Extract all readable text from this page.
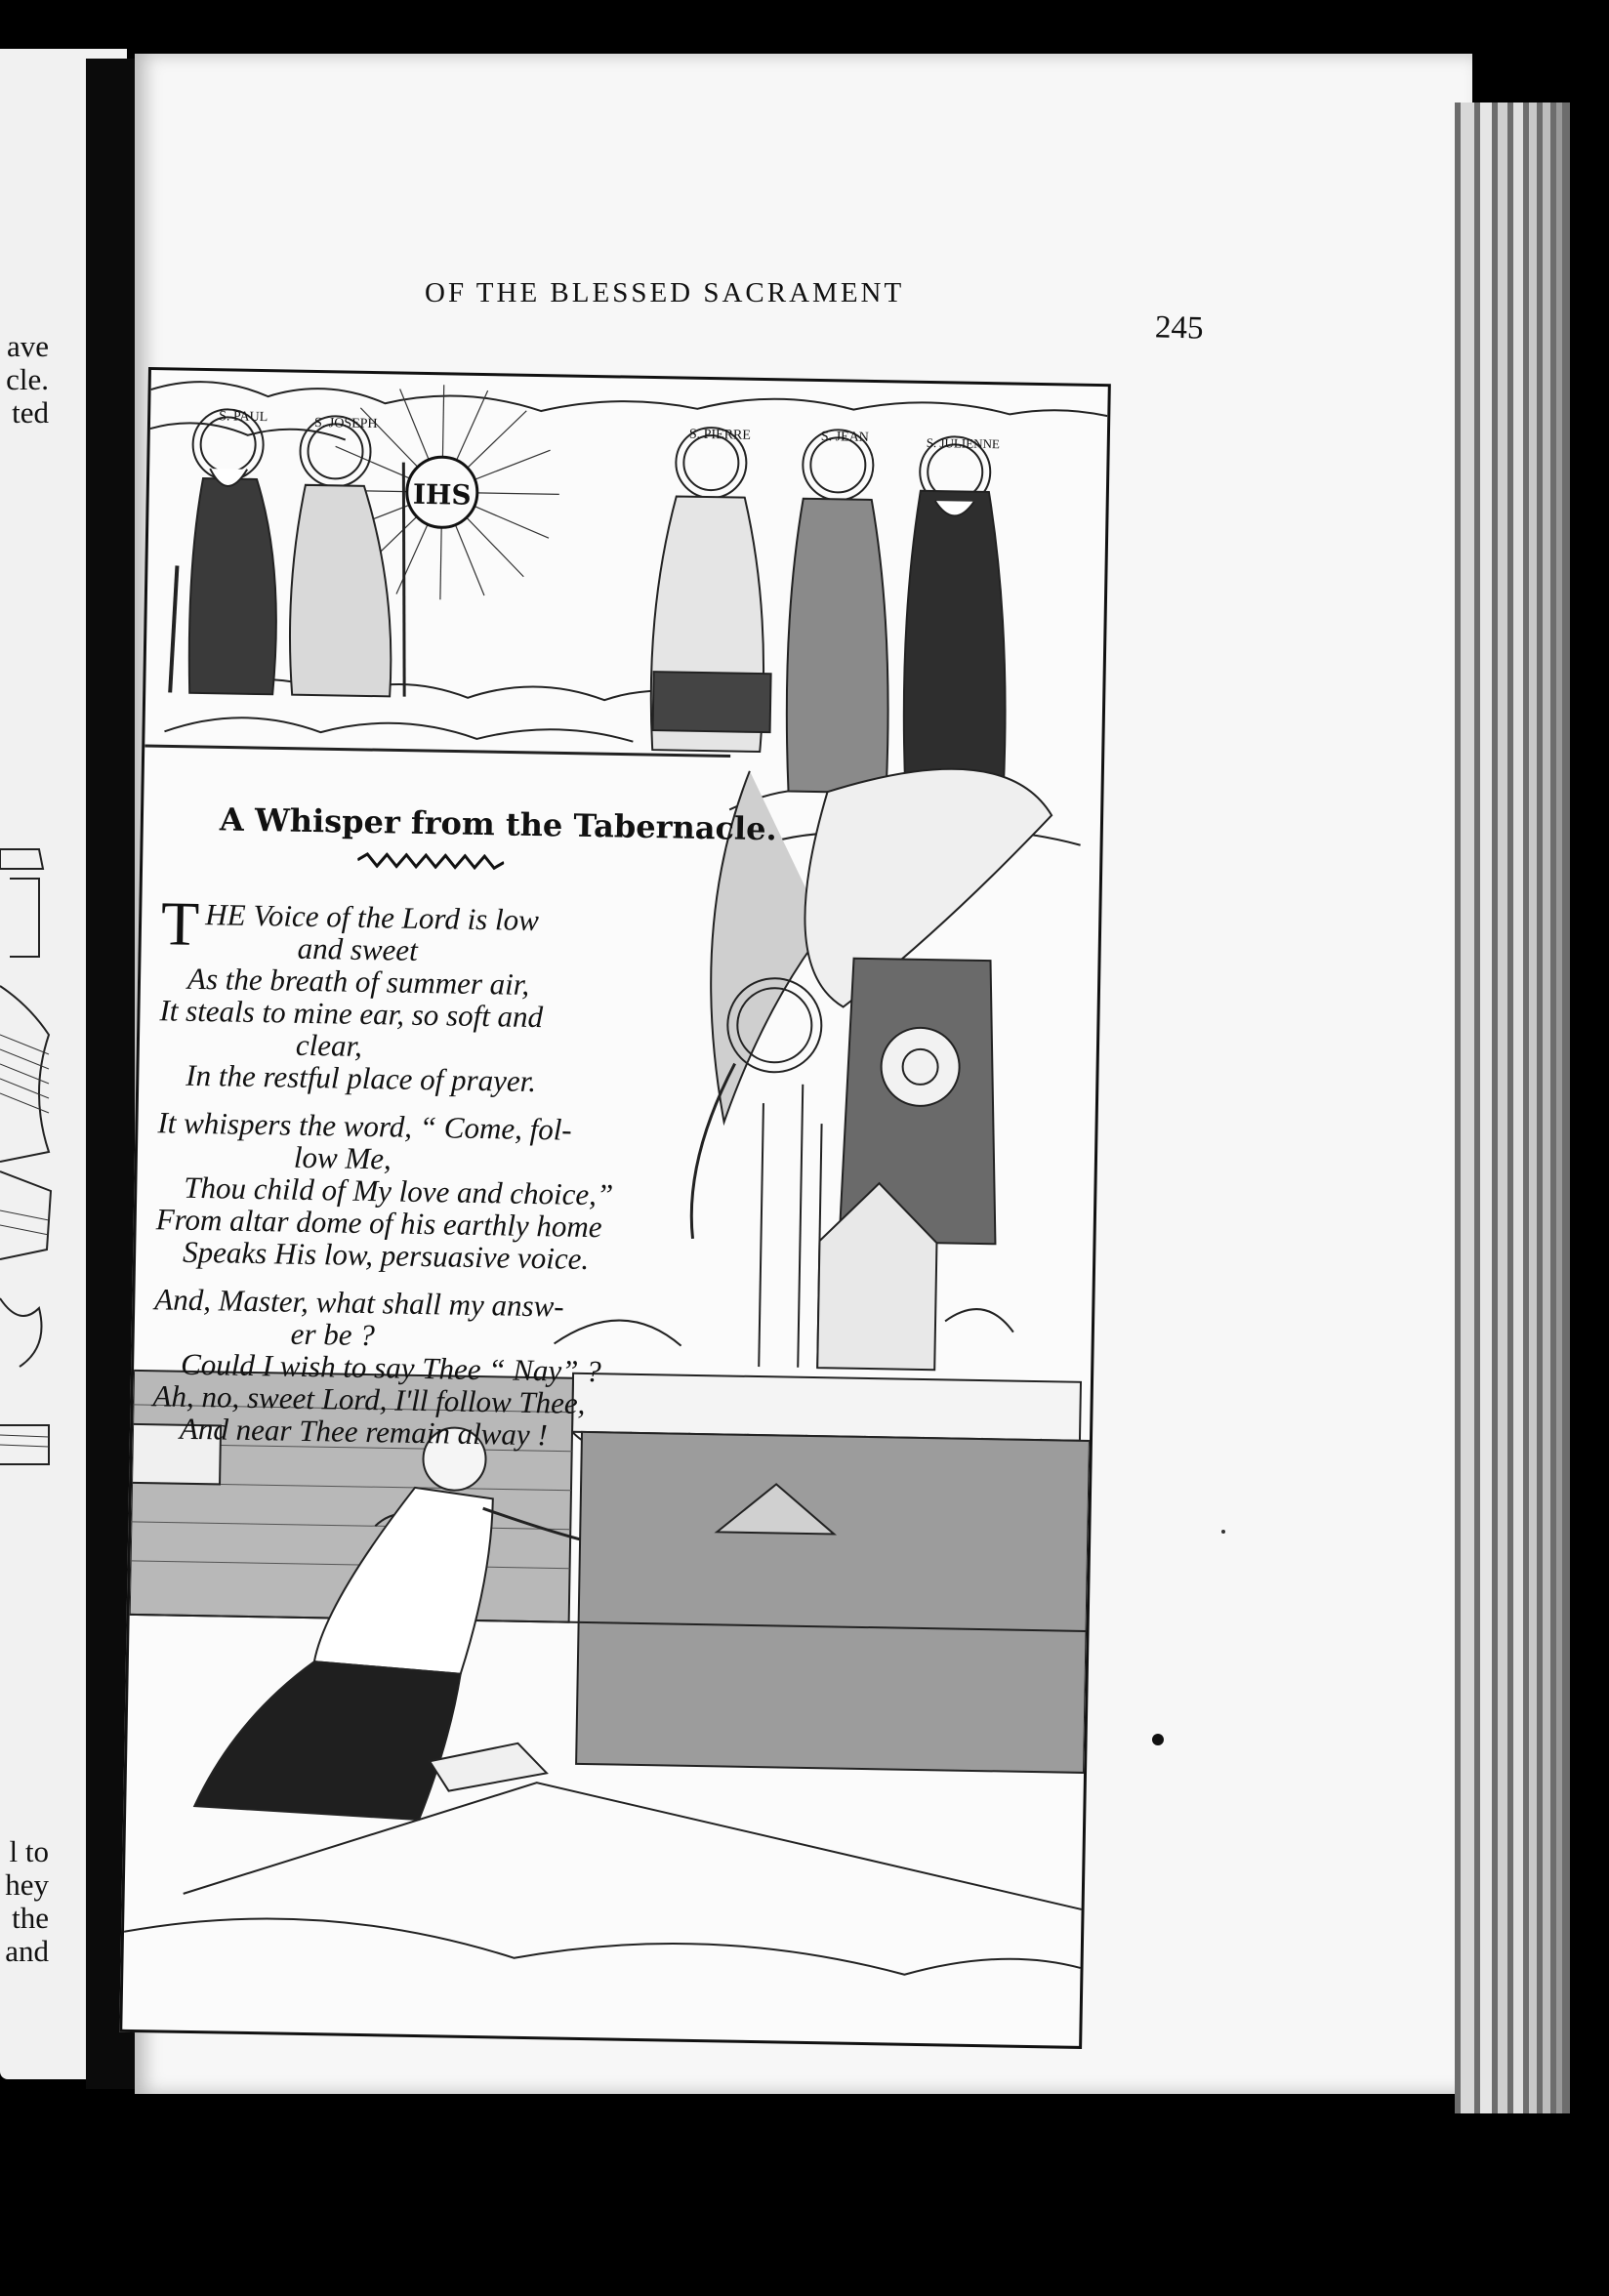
ave
cle.
ted
l to
hey
the
and
OF THE BLESSED SACRAMENT
245
IHS
S. PAUL	S. JOSEPH
S. PIERRE	S. JEAN	S. JULIENNE
A Whisper from the Tabernacle.
T HE Voice of the Lord is low
and sweet
As the breath of summer air,
It steals to mine ear, so soft and
clear,
In the restful place of prayer.
It whispers the word, “ Come, fol-
low Me,
Thou child of My love and choice,”
From altar dome of his earthly home
Speaks His low, persuasive voice.
And, Master, what shall my answ-
er be ?
Could I wish to say Thee “ Nay” ?
Ah, no, sweet Lord, I'll follow Thee,
And near Thee remain alway !
